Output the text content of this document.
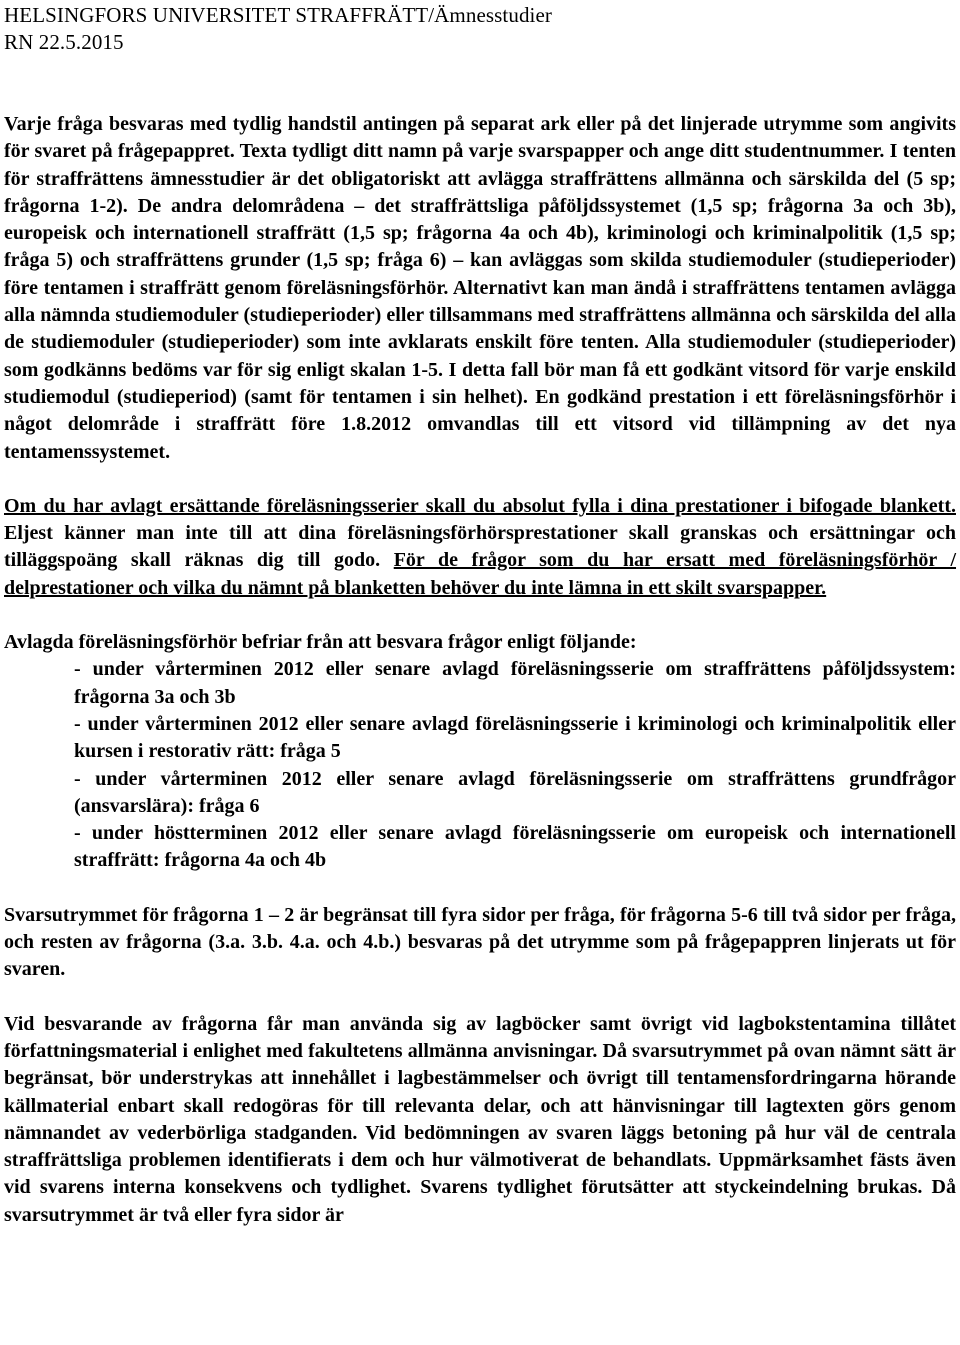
HELSINGFORS UNIVERSITET STRAFFRÄTT/Ämnesstudier

RN 22.5.2015

Varje fråga besvaras med tydlig handstil antingen på separat ark eller på det linjerade utrymme som angivits för svaret på frågepappret. Texta tydligt ditt namn på varje svarspapper och ange ditt studentnummer. I tenten för straffrättens ämnesstudier är det obligatoriskt att avlägga straffrättens allmänna och särskilda del (5 sp; frågorna 1-2). De andra delområdena – det straffrättsliga påföljdssystemet (1,5 sp; frågorna 3a och 3b), europeisk och internationell straffrätt (1,5 sp; frågorna 4a och 4b), kriminologi och kriminalpolitik (1,5 sp; fråga 5) och straffrättens grunder (1,5 sp; fråga 6) – kan avläggas som skilda studiemoduler (studieperioder) före tentamen i straffrätt genom föreläsningsförhör. Alternativt kan man ändå i straffrättens tentamen avlägga alla nämnda studiemoduler (studieperioder) eller tillsammans med straffrättens allmänna och särskilda del alla de studiemoduler (studieperioder) som inte avklarats enskilt före tenten. Alla studiemoduler (studieperioder) som godkänns bedöms var för sig enligt skalan 1-5. I detta fall bör man få ett godkänt vitsord för varje enskild studiemodul (studieperiod) (samt för tentamen i sin helhet). En godkänd prestation i ett föreläsningsförhör i något delområde i straffrätt före 1.8.2012 omvandlas till ett vitsord vid tillämpning av det nya tentamenssystemet.

Om du har avlagt ersättande föreläsningsserier skall du absolut fylla i dina prestationer i bifogade blankett. Eljest känner man inte till att dina föreläsningsförhörsprestationer skall granskas och ersättningar och tilläggspoäng skall räknas dig till godo. För de frågor som du har ersatt med föreläsningsförhör / delprestationer och vilka du nämnt på blanketten behöver du inte lämna in ett skilt svarspapper.

Avlagda föreläsningsförhör befriar från att besvara frågor enligt följande:

- under vårterminen 2012 eller senare avlagd föreläsningsserie om straffrättens påföljdssystem: frågorna 3a och 3b
- under vårterminen 2012 eller senare avlagd föreläsningsserie i kriminologi och kriminalpolitik eller kursen i restorativ rätt: fråga 5
- under vårterminen 2012 eller senare avlagd föreläsningsserie om straffrättens grundfrågor (ansvarslära): fråga 6
- under höstterminen 2012 eller senare avlagd föreläsningsserie om europeisk och internationell straffrätt: frågorna 4a och 4b

Svarsutrymmet för frågorna 1 – 2 är begränsat till fyra sidor per fråga, för frågorna 5-6 till två sidor per fråga, och resten av frågorna (3.a. 3.b. 4.a. och 4.b.) besvaras på det utrymme som på frågepappren linjerats ut för svaren.

Vid besvarande av frågorna får man använda sig av lagböcker samt övrigt vid lagbokstentamina tillåtet författningsmaterial i enlighet med fakultetens allmänna anvisningar. Då svarsutrymmet på ovan nämnt sätt är begränsat, bör understrykas att innehållet i lagbestämmelser och övrigt till tentamensfordringarna hörande källmaterial enbart skall redogöras för till relevanta delar, och att hänvisningar till lagtexten görs genom nämnandet av vederbörliga stadganden. Vid bedömningen av svaren läggs betoning på hur väl de centrala straffrättsliga problemen identifierats i dem och hur välmotiverat de behandlats. Uppmärksamhet fästs även vid svarens interna konsekvens och tydlighet. Svarens tydlighet förutsätter att styckeindelning brukas. Då svarsutrymmet är två eller fyra sidor är
